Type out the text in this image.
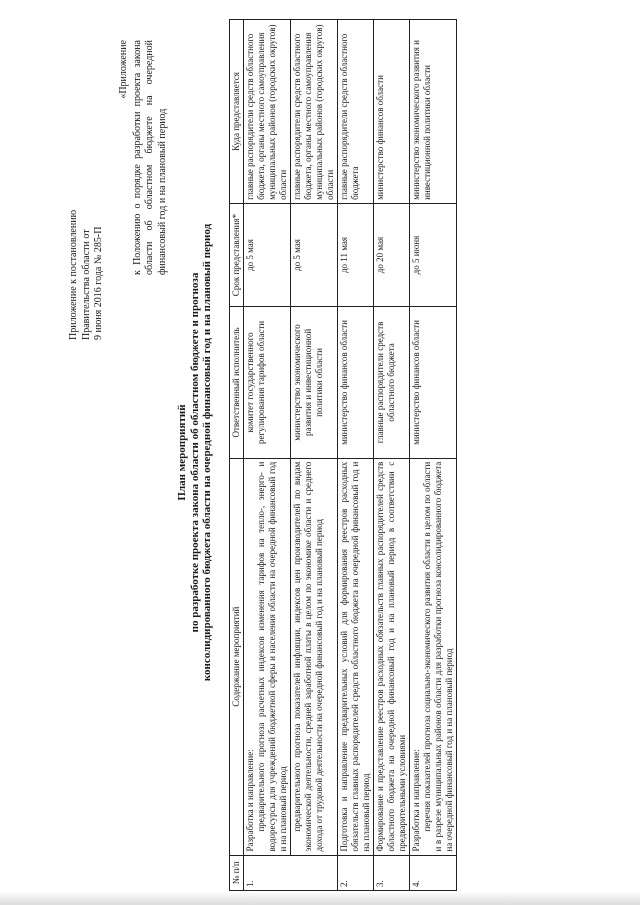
Приложение к постановлению Правительства области от 9 июня 2016 года № 285-П
«Приложение к Положению о порядке разработки проекта закона области об областном бюджете на очередной финансовый год и на плановый период
План мероприятий по разработке проекта закона области об областном бюджете и прогноза консолидированного бюджета области на очередной финансовый год и на плановый период
№ п/п	Содержание мероприятий	Ответственный исполнитель	Срок представления*	Куда представляется
1.	Разработка и направление: предварительного прогноза расчетных индексов изменения тарифов на тепло-, энерго- и водоресурсы для учреждений бюджетной сферы и населения области на очередной финансовый год и на плановый период	комитет государственного регулирования тарифов области	до 5 мая	главные распорядители средств областного бюджета, органы местного самоуправления муниципальных районов (городских округов) области

	предварительного прогноза показателей инфляции, индексов цен производителей по видам экономической деятельности, средней заработной платы в целом по экономике области и среднего дохода от трудовой деятельности на очередной финансовый год и на плановый период	министерство экономического развития и инвестиционной политики области	до 5 мая	главные распорядители средств областного бюджета, органы местного самоуправления муниципальных районов (городских округов) области
2.	Подготовка и направление предварительных условий для формирования реестров расходных обязательств главных распорядителей средств областного бюджета на очередной финансовый год и на плановый период	министерство финансов области	до 11 мая	главные распорядители средств областного бюджета
3.	Формирование и представление реестров расходных обязательств главных распорядителей средств областного бюджета на очередной финансовый год и на плановый период в соответствии с предварительными условиями	главные распорядители средств областного бюджета	до 20 мая	министерство финансов области
4.	Разработка и направление: перечня показателей прогноза социально-экономического развития области в целом по области и в разрезе муниципальных районов области для разработки прогноза консолидированного бюджета на очередной финансовый год и на плановый период	министерство финансов области	до 5 июня	министерство экономического развития и инвестиционной политики области
